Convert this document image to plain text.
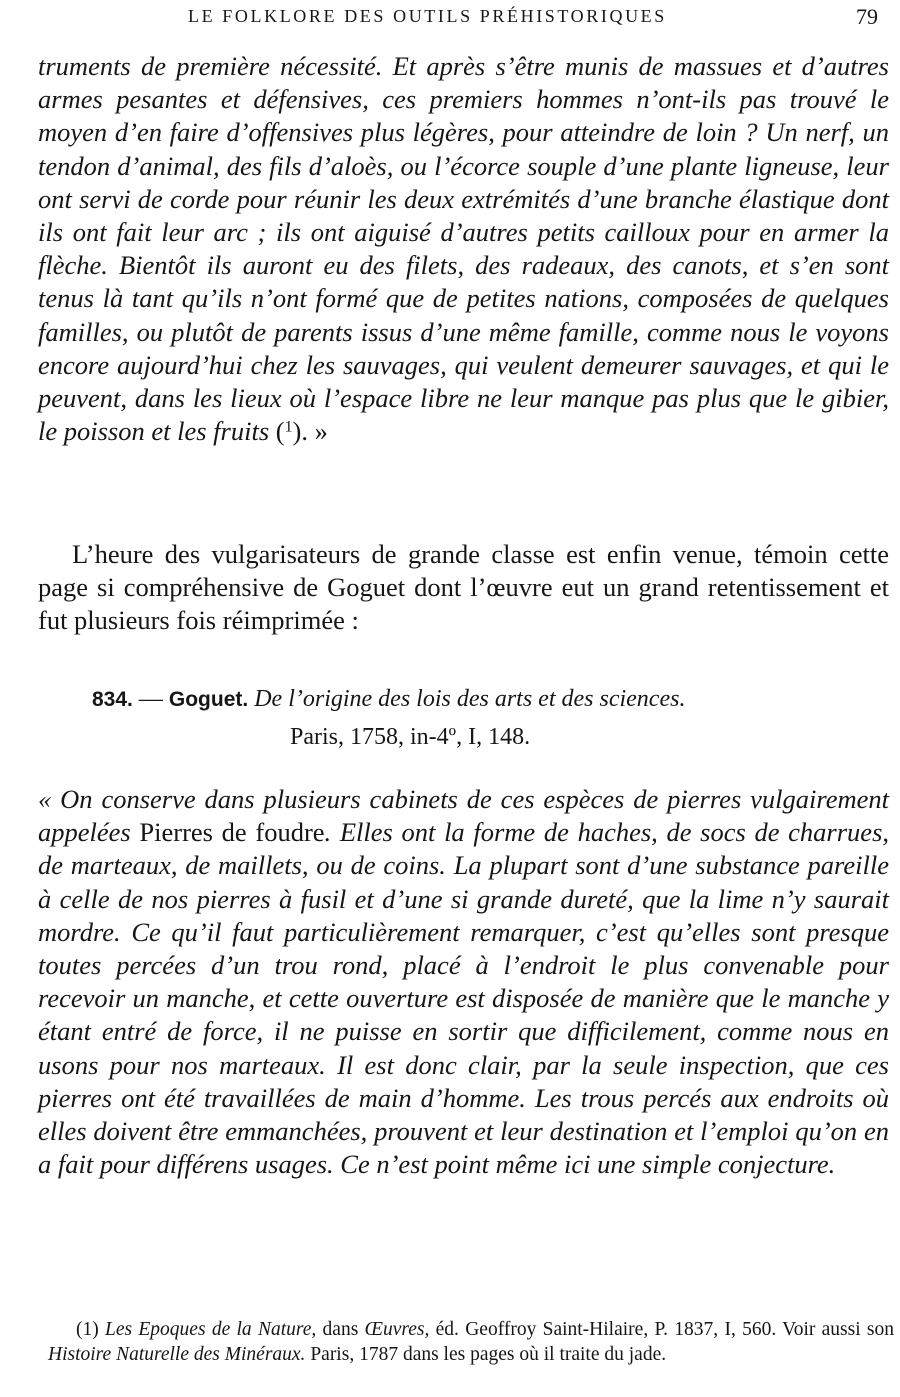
LE FOLKLORE DES OUTILS PRÉHISTORIQUES	79

truments de première nécessité. Et après s’être munis de massues et d’autres armes pesantes et défensives, ces premiers hommes n’ont-ils pas trouvé le moyen d’en faire d’offensives plus légères, pour atteindre de loin ? Un nerf, un tendon d’animal, des fils d’aloès, ou l’écorce souple d’une plante ligneuse, leur ont servi de corde pour réunir les deux extrémités d’une branche élastique dont ils ont fait leur arc ; ils ont aiguisé d’autres petits cailloux pour en armer la flèche. Bientôt ils auront eu des filets, des radeaux, des canots, et s’en sont tenus là tant qu’ils n’ont formé que de petites nations, composées de quelques familles, ou plutôt de parents issus d’une même famille, comme nous le voyons encore aujourd’hui chez les sauvages, qui veulent demeurer sauvages, et qui le peuvent, dans les lieux où l’espace libre ne leur manque pas plus que le gibier, le poisson et les fruits ($^1$). »

L’heure des vulgarisateurs de grande classe est enfin venue, témoin cette page si compréhensive de Goguet dont l’œuvre eut un grand retentissement et fut plusieurs fois réimprimée :
834. — Goguet. De l’origine des lois des arts et des sciences.
Paris, 1758, in-4º, I, 148.

« On conserve dans plusieurs cabinets de ces espèces de pierres vulgairement appelées Pierres de foudre. Elles ont la forme de haches, de socs de charrues, de marteaux, de maillets, ou de coins. La plupart sont d’une substance pareille à celle de nos pierres à fusil et d’une si grande dureté, que la lime n’y saurait mordre. Ce qu’il faut particulièrement remarquer, c’est qu’elles sont presque toutes percées d’un trou rond, placé à l’endroit le plus convenable pour recevoir un manche, et cette ouverture est disposée de manière que le manche y étant entré de force, il ne puisse en sortir que difficilement, comme nous en usons pour nos marteaux. Il est donc clair, par la seule inspection, que ces pierres ont été travaillées de main d’homme. Les trous percés aux endroits où elles doivent être emmanchées, prouvent et leur destination et l’emploi qu’on en a fait pour différens usages. Ce n’est point même ici une simple conjecture.

(1) Les Epoques de la Nature, dans Œuvres, éd. Geoffroy Saint-Hilaire, P. 1837, I, 560. Voir aussi son Histoire Naturelle des Minéraux. Paris, 1787 dans les pages où il traite du jade.
